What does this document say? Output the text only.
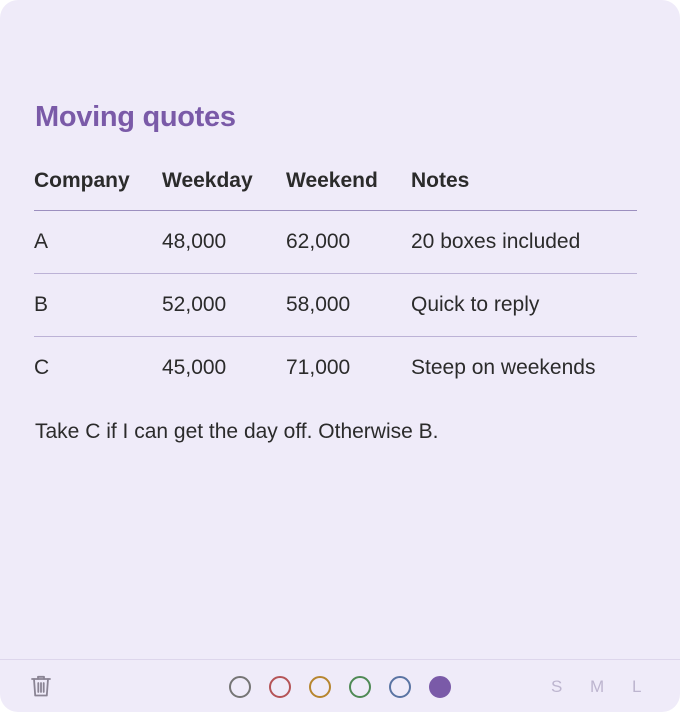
Moving quotes
Company	Weekday	Weekend	Notes
A	48,000	62,000	20 boxes included
B	52,000	58,000	Quick to reply
C	45,000	71,000	Steep on weekends
Take C if I can get the day off. Otherwise B.
S M L
